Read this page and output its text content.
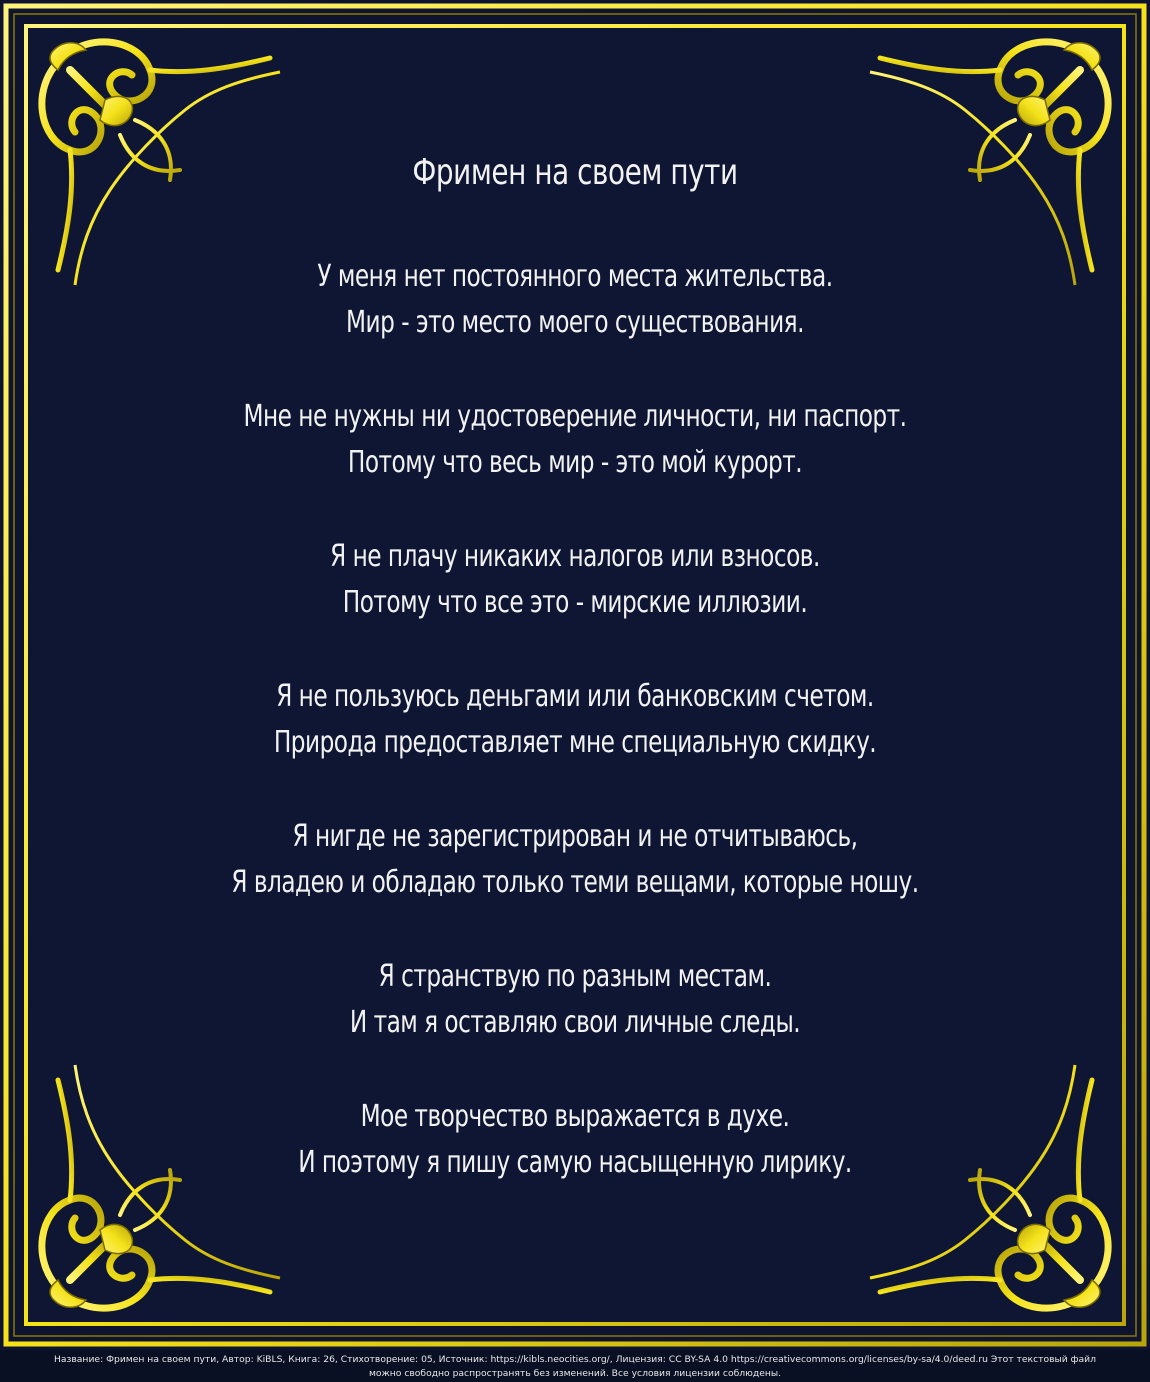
Фримен на своем пути
У меня нет постоянного места жительства.
Мир - это место моего существования.
Мне не нужны ни удостоверение личности, ни паспорт.
Потому что весь мир - это мой курорт.
Я не плачу никаких налогов или взносов.
Потому что все это - мирские иллюзии.
Я не пользуюсь деньгами или банковским счетом.
Природа предоставляет мне специальную скидку.
Я нигде не зарегистрирован и не отчитываюсь,
Я владею и обладаю только теми вещами, которые ношу.
Я странствую по разным местам.
И там я оставляю свои личные следы.
Мое творчество выражается в духе.
И поэтому я пишу самую насыщенную лирику.
Название: Фримен на своем пути, Автор: KiBLS, Книга: 26, Стихотворение: 05, Источник: https://kibls.neocities.org/, Лицензия: CC BY-SA 4.0 https://creativecommons.org/licenses/by-sa/4.0/deed.ru Этот текстовый файл
можно свободно распространять без изменений. Все условия лицензии соблюдены.
